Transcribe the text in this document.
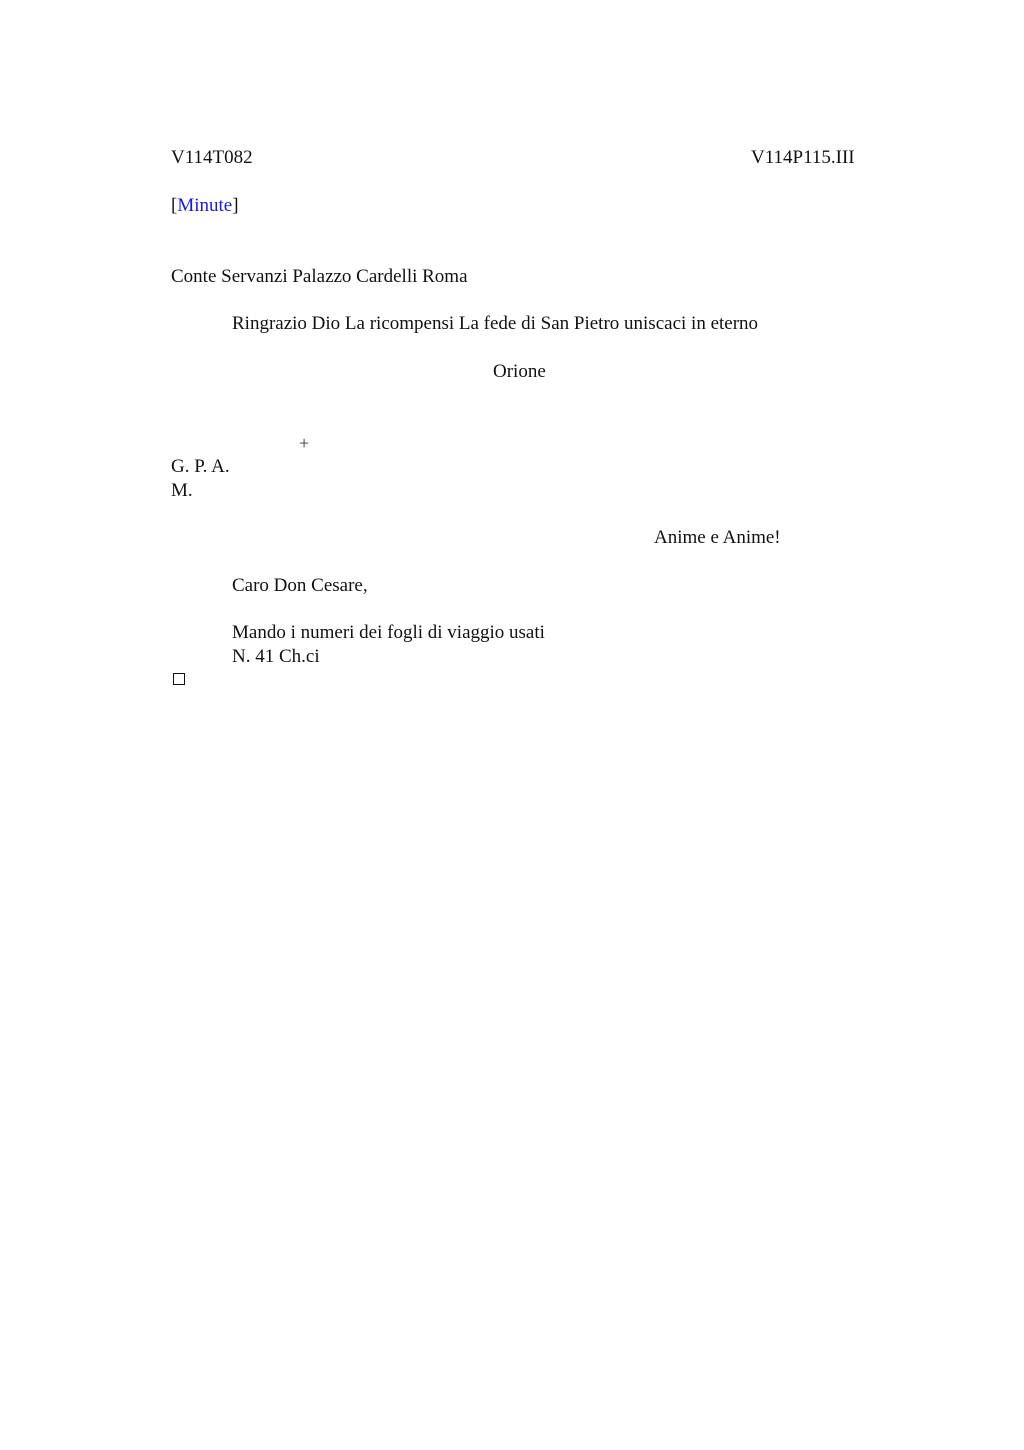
V114T082	V114P115.III
[Minute]
Conte Servanzi Palazzo Cardelli Roma
Ringrazio Dio La ricompensi La fede di San Pietro uniscaci in eterno
Orione
+
G. P. A.
M.
Anime e Anime!
Caro Don Cesare,
Mando i numeri dei fogli di viaggio usati
N. 41 Ch.ci
